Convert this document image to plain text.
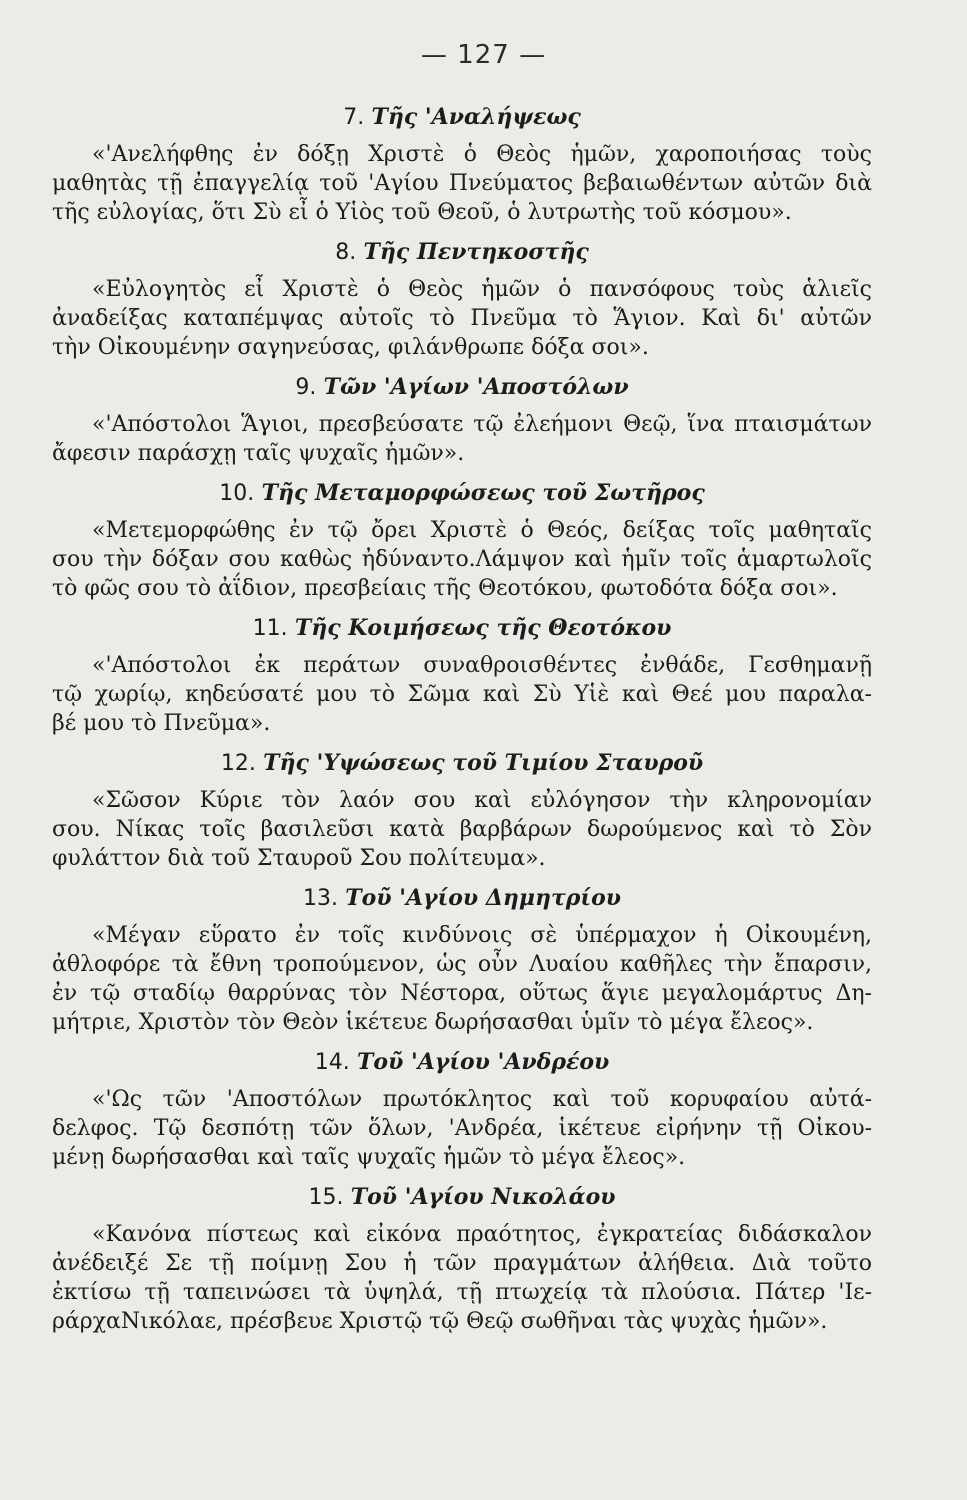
— 127 —
7. Τῆς 'Αναλήψεως
«'Ανελήφθης ἐν δόξῃ Χριστὲ ὁ Θεὸς ἡμῶν, χαροποιήσας τοὺς
μαθητὰς τῇ ἐπαγγελίᾳ τοῦ 'Αγίου Πνεύματος βεβαιωθέντων αὐτῶν διὰ
τῆς εὐλογίας, ὅτι Σὺ εἶ ὁ Υἱὸς τοῦ Θεοῦ, ὁ λυτρωτὴς τοῦ κόσμου».
8. Τῆς Πεντηκοστῆς
«Εὐλογητὸς εἶ Χριστὲ ὁ Θεὸς ἡμῶν ὁ πανσόφους τοὺς ἁλιεῖς
ἀναδείξας καταπέμψας αὐτοῖς τὸ Πνεῦμα τὸ Ἅγιον. Καὶ δι' αὐτῶν
τὴν Οἰκουμένην σαγηνεύσας, φιλάνθρωπε δόξα σοι».
9. Τῶν 'Αγίων 'Αποστόλων
«'Απόστολοι Ἅγιοι, πρεσβεύσατε τῷ ἐλεήμονι Θεῷ, ἵνα πταισμάτων
ἄφεσιν παράσχῃ ταῖς ψυχαῖς ἡμῶν».
10. Τῆς Μεταμορφώσεως τοῦ Σωτῆρος
«Μετεμορφώθης ἐν τῷ ὄρει Χριστὲ ὁ Θεός, δείξας τοῖς μαθηταῖς
σου τὴν δόξαν σου καθὼς ἠδύναντο.Λάμψον καὶ ἡμῖν τοῖς ἁμαρτωλοῖς
τὸ φῶς σου τὸ ἀΐδιον, πρεσβείαις τῆς Θεοτόκου, φωτοδότα δόξα σοι».
11. Τῆς Κοιμήσεως τῆς Θεοτόκου
«'Απόστολοι ἐκ περάτων συναθροισθέντες ἐνθάδε, Γεσθημανῇ
τῷ χωρίῳ, κηδεύσατέ μου τὸ Σῶμα καὶ Σὺ Υἱὲ καὶ Θεέ μου παραλα-
βέ μου τὸ Πνεῦμα».
12. Τῆς 'Υψώσεως τοῦ Τιμίου Σταυροῦ
«Σῶσον Κύριε τὸν λαόν σου καὶ εὐλόγησον τὴν κληρονομίαν
σου. Νίκας τοῖς βασιλεῦσι κατὰ βαρβάρων δωρούμενος καὶ τὸ Σὸν
φυλάττον διὰ τοῦ Σταυροῦ Σου πολίτευμα».
13. Τοῦ 'Αγίου Δημητρίου
«Μέγαν εὕρατο ἐν τοῖς κινδύνοις σὲ ὑπέρμαχον ἡ Οἰκουμένη,
ἀθλοφόρε τὰ ἔθνη τροπούμενον, ὡς οὖν Λυαίου καθῆλες τὴν ἔπαρσιν,
ἐν τῷ σταδίῳ θαρρύνας τὸν Νέστορα, οὕτως ἅγιε μεγαλομάρτυς Δη-
μήτριε, Χριστὸν τὸν Θεὸν ἱκέτευε δωρήσασθαι ὑμῖν τὸ μέγα ἔλεος».
14. Τοῦ 'Αγίου 'Ανδρέου
«'Ως τῶν 'Αποστόλων πρωτόκλητος καὶ τοῦ κορυφαίου αὐτά-
δελφος. Τῷ δεσπότῃ τῶν ὅλων, 'Ανδρέα, ἱκέτευε εἰρήνην τῇ Οἰκου-
μένῃ δωρήσασθαι καὶ ταῖς ψυχαῖς ἡμῶν τὸ μέγα ἔλεος».
15. Τοῦ 'Αγίου Νικολάου
«Κανόνα πίστεως καὶ εἰκόνα πραότητος, ἐγκρατείας διδάσκαλον
ἀνέδειξέ Σε τῇ ποίμνῃ Σου ἡ τῶν πραγμάτων ἀλήθεια. Διὰ τοῦτο
ἐκτίσω τῇ ταπεινώσει τὰ ὑψηλά, τῇ πτωχείᾳ τὰ πλούσια. Πάτερ 'Ιε-
ράρχαΝικόλαε, πρέσβευε Χριστῷ τῷ Θεῷ σωθῆναι τὰς ψυχὰς ἡμῶν».
